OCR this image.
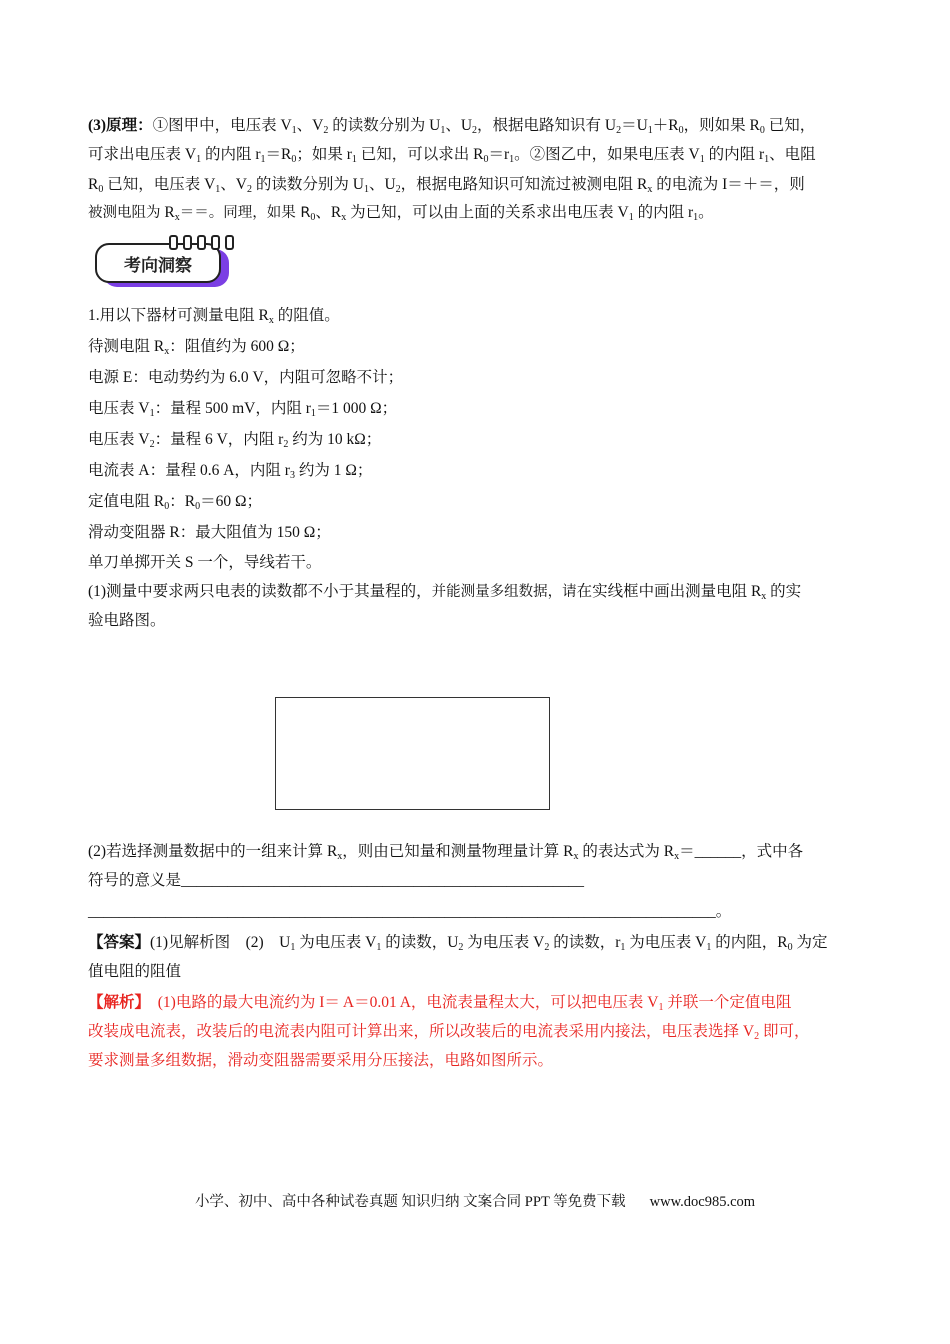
(3)原理：①图甲中，电压表 $V_1$、$V_2$ 的读数分别为 $U_1$、$U_2$，根据电路知识有 $U_2=U_1+R_0$，则如果 $R_0$ 已知，
可求出电压表 $V_1$ 的内阻 $r_1=R_0$；如果 $r_1$ 已知，可以求出 $R_0=r_1$。②图乙中，如果电压表 $V_1$ 的内阻 $r_1$、电阻
$R_0$ 已知，电压表 $V_1$、$V_2$ 的读数分别为 $U_1$、$U_2$，根据电路知识可知流过被测电阻 $R_x$ 的电流为 I＝＋＝，则
被测电阻为 $R_x==$。同理，如果 $R_0$、$R_x$ 为已知，可以由上面的关系求出电压表 $V_1$ 的内阻 $r_1$。
考向洞察
1.用以下器材可测量电阻 $R_x$ 的阻值。
待测电阻 $R_x$：阻值约为 600 Ω；
电源 E：电动势约为 6.0 V，内阻可忽略不计；
电压表 $V_1$：量程 500 mV，内阻 $r_1=1$ 000 Ω；
电压表 $V_2$：量程 6 V，内阻 $r_2$ 约为 10 kΩ；
电流表 A：量程 0.6 A，内阻 $r_3$ 约为 1 Ω；
定值电阻 $R_0$：$R_0=60$ Ω；
滑动变阻器 R：最大阻值为 150 Ω；
单刀单掷开关 S 一个，导线若干。
(1)测量中要求两只电表的读数都不小于其量程的，并能测量多组数据，请在实线框中画出测量电阻 $R_x$ 的实
验电路图。
(2)若选择测量数据中的一组来计算 $R_x$，则由已知量和测量物理量计算 $R_x$ 的表达式为 $R_x=\_\_\_\_\_\_$，式中各
符号的意义是____________________________________________________
_________________________________________________________________________________。
【答案】(1)见解析图　(2)　$U_1$ 为电压表 $V_1$ 的读数，$U_2$ 为电压表 $V_2$ 的读数，$r_1$ 为电压表 $V_1$ 的内阻，$R_0$ 为定
值电阻的阻值
【解析】　(1)电路的最大电流约为 I＝ A＝0.01 A，电流表量程太大，可以把电压表 $V_1$ 并联一个定值电阻
改装成电流表，改装后的电流表内阻可计算出来，所以改装后的电流表采用内接法，电压表选择 $V_2$ 即可，
要求测量多组数据，滑动变阻器需要采用分压接法，电路如图所示。
小学、初中、高中各种试卷真题 知识归纳 文案合同 PPT 等免费下载 www.doc985.com
